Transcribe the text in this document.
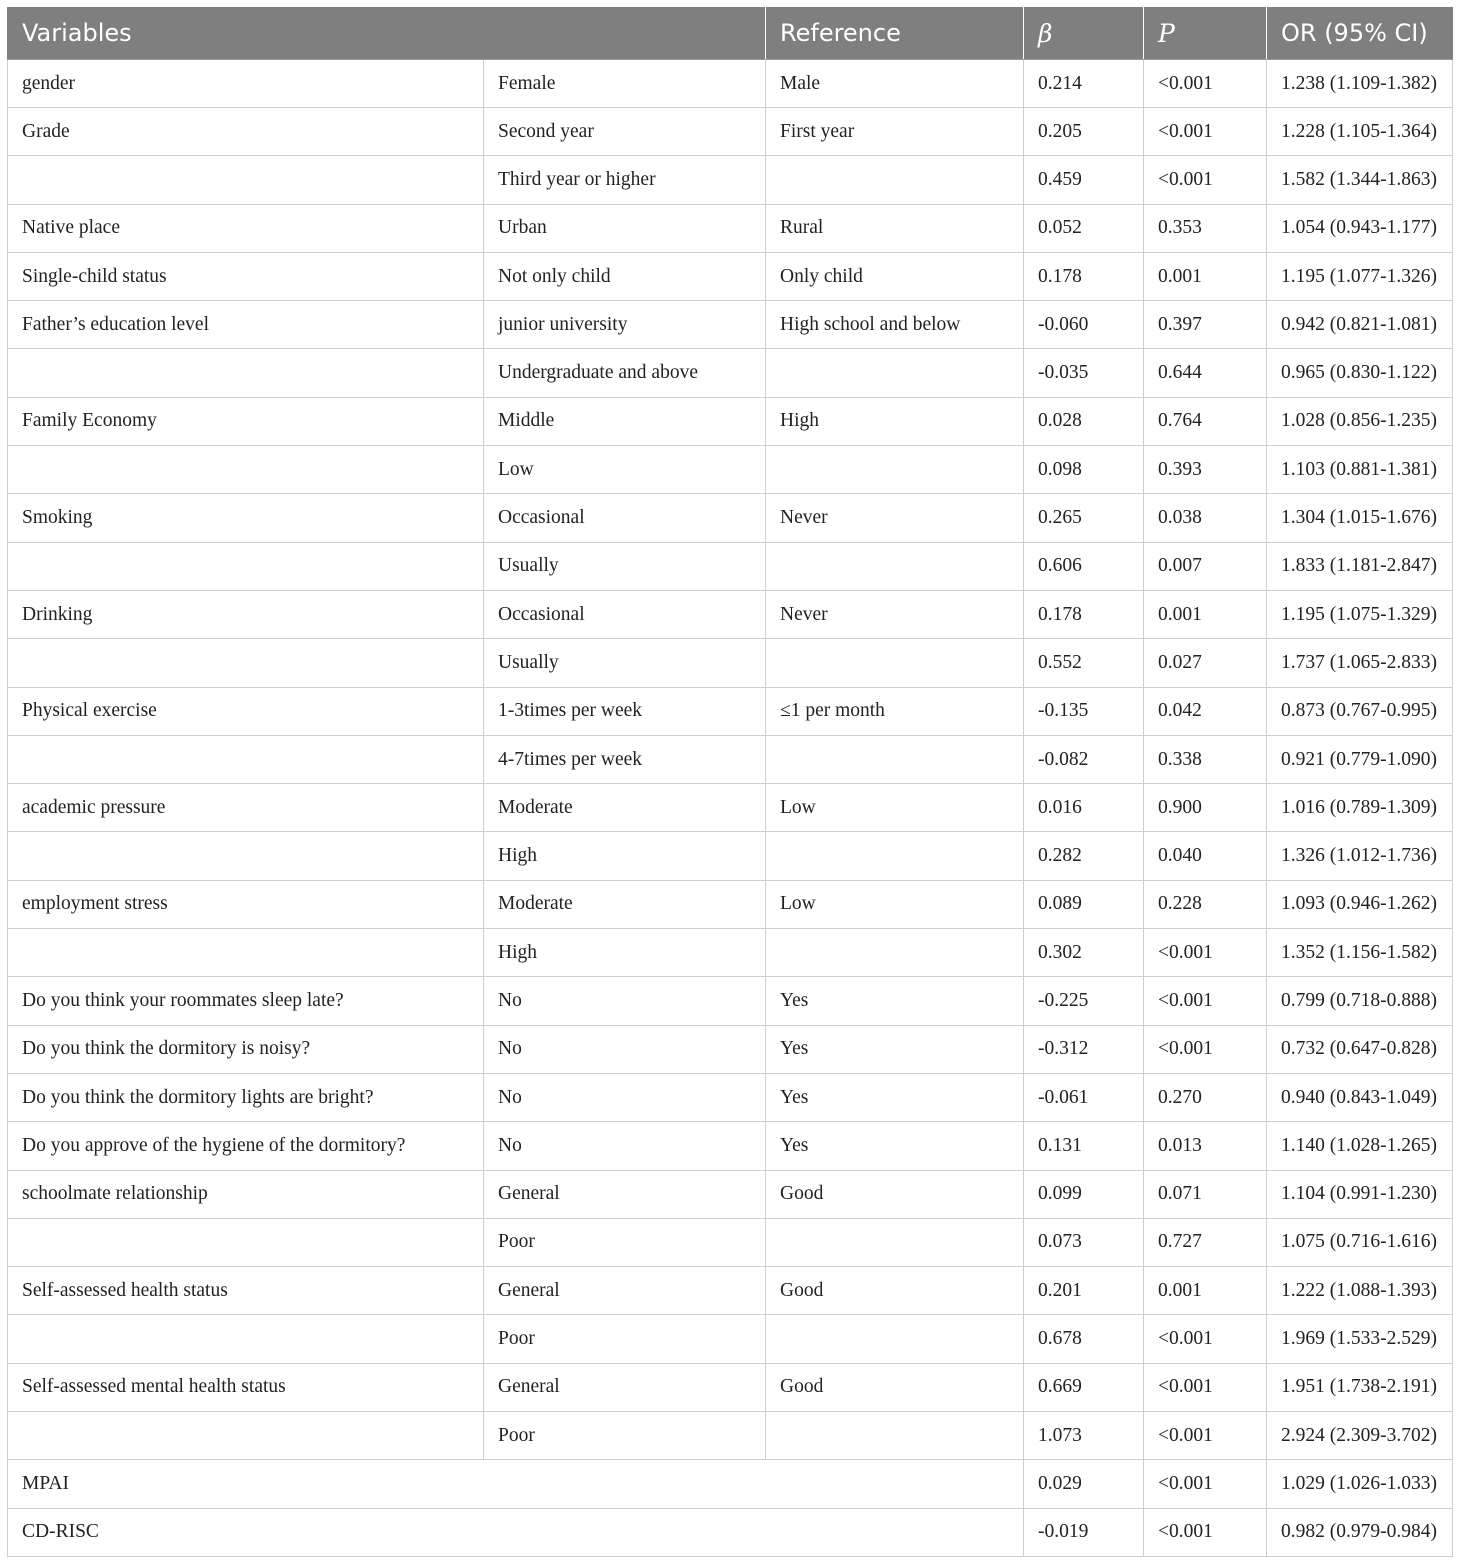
Variables		Reference	β	P	OR (95% CI)
gender	Female	Male	0.214	<0.001	1.238 (1.109-1.382)
Grade	Second year	First year	0.205	<0.001	1.228 (1.105-1.364)
	Third year or higher		0.459	<0.001	1.582 (1.344-1.863)
Native place	Urban	Rural	0.052	0.353	1.054 (0.943-1.177)
Single-child status	Not only child	Only child	0.178	0.001	1.195 (1.077-1.326)
Father’s education level	junior university	High school and below	-0.060	0.397	0.942 (0.821-1.081)
	Undergraduate and above		-0.035	0.644	0.965 (0.830-1.122)
Family Economy	Middle	High	0.028	0.764	1.028 (0.856-1.235)
	Low		0.098	0.393	1.103 (0.881-1.381)
Smoking	Occasional	Never	0.265	0.038	1.304 (1.015-1.676)
	Usually		0.606	0.007	1.833 (1.181-2.847)
Drinking	Occasional	Never	0.178	0.001	1.195 (1.075-1.329)
	Usually		0.552	0.027	1.737 (1.065-2.833)
Physical exercise	1-3times per week	≤1 per month	-0.135	0.042	0.873 (0.767-0.995)
	4-7times per week		-0.082	0.338	0.921 (0.779-1.090)
academic pressure	Moderate	Low	0.016	0.900	1.016 (0.789-1.309)
	High		0.282	0.040	1.326 (1.012-1.736)
employment stress	Moderate	Low	0.089	0.228	1.093 (0.946-1.262)
	High		0.302	<0.001	1.352 (1.156-1.582)
Do you think your roommates sleep late?	No	Yes	-0.225	<0.001	0.799 (0.718-0.888)
Do you think the dormitory is noisy?	No	Yes	-0.312	<0.001	0.732 (0.647-0.828)
Do you think the dormitory lights are bright?	No	Yes	-0.061	0.270	0.940 (0.843-1.049)
Do you approve of the hygiene of the dormitory?	No	Yes	0.131	0.013	1.140 (1.028-1.265)
schoolmate relationship	General	Good	0.099	0.071	1.104 (0.991-1.230)
	Poor		0.073	0.727	1.075 (0.716-1.616)
Self-assessed health status	General	Good	0.201	0.001	1.222 (1.088-1.393)
	Poor		0.678	<0.001	1.969 (1.533-2.529)
Self-assessed mental health status	General	Good	0.669	<0.001	1.951 (1.738-2.191)
	Poor		1.073	<0.001	2.924 (2.309-3.702)
MPAI			0.029	<0.001	1.029 (1.026-1.033)
CD-RISC			-0.019	<0.001	0.982 (0.979-0.984)
